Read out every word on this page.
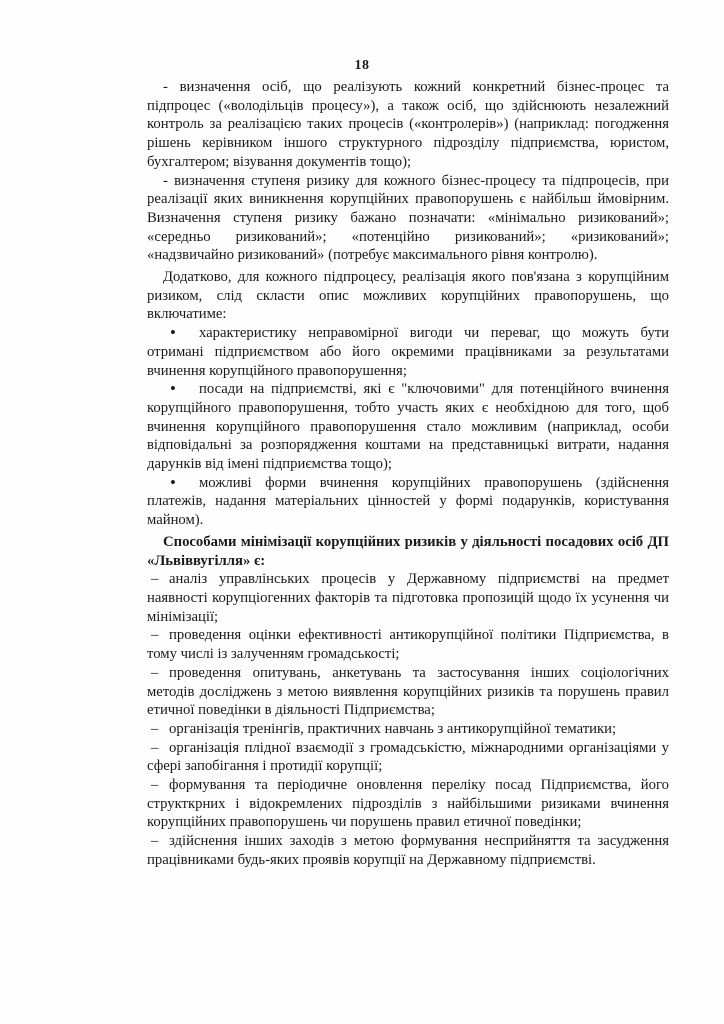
18

- визначення осіб, що реалізують кожний конкретний бізнес-процес та підпроцес («володільців процесу»), а також осіб, що здійснюють незалежний контроль за реалізацією таких процесів («контролерів») (наприклад: погодження рішень керівником іншого структурного підрозділу підприємства, юристом, бухгалтером; візування документів тощо);

- визначення ступеня ризику для кожного бізнес-процесу та підпроцесів, при реалізації яких виникнення корупційних правопорушень є найбільш ймовірним. Визначення ступеня ризику бажано позначати: «мінімально ризикований»; «середньо ризикований»; «потенційно ризикований»; «ризикований»; «надзвичайно ризикований» (потребує максимального рівня контролю).

Додатково, для кожного підпроцесу, реалізація якого пов'язана з корупційним ризиком, слід скласти опис можливих корупційних правопорушень, що включатиме:

• характеристику неправомірної вигоди чи переваг, що можуть бути отримані підприємством або його окремими працівниками за результатами вчинення корупційного правопорушення;

• посади на підприємстві, які є "ключовими" для потенційного вчинення корупційного правопорушення, тобто участь яких є необхідною для того, щоб вчинення корупційного правопорушення стало можливим (наприклад, особи відповідальні за розпорядження коштами на представницькі витрати, надання дарунків від імені підприємства тощо);

• можливі форми вчинення корупційних правопорушень (здійснення платежів, надання матеріальних цінностей у формі подарунків, користування майном).

Способами мінімізації корупційних ризиків у діяльності посадових осіб ДП «Львіввугілля» є:

– аналіз управлінських процесів у Державному підприємстві на предмет наявності корупціогенних факторів та підготовка пропозицій щодо їх усунення чи мінімізації;

– проведення оцінки ефективності антикорупційної політики Підприємства, в тому числі із залученням громадськості;

– проведення опитувань, анкетувань та застосування інших соціологічних методів досліджень з метою виявлення корупційних ризиків та порушень правил етичної поведінки в діяльності Підприємства;

– організація тренінгів, практичних навчань з антикорупційної тематики;

– організація плідної взаємодії з громадськістю, міжнародними організаціями у сфері запобігання і протидії корупції;

– формування та періодичне оновлення переліку посад Підприємства, його структкрних і відокремлених підрозділів з найбільшими ризиками вчинення корупційних правопорушень чи порушень правил етичної поведінки;

– здійснення інших заходів з метою формування несприйняття та засудження працівниками будь-яких проявів корупції на Державному підприємстві.
